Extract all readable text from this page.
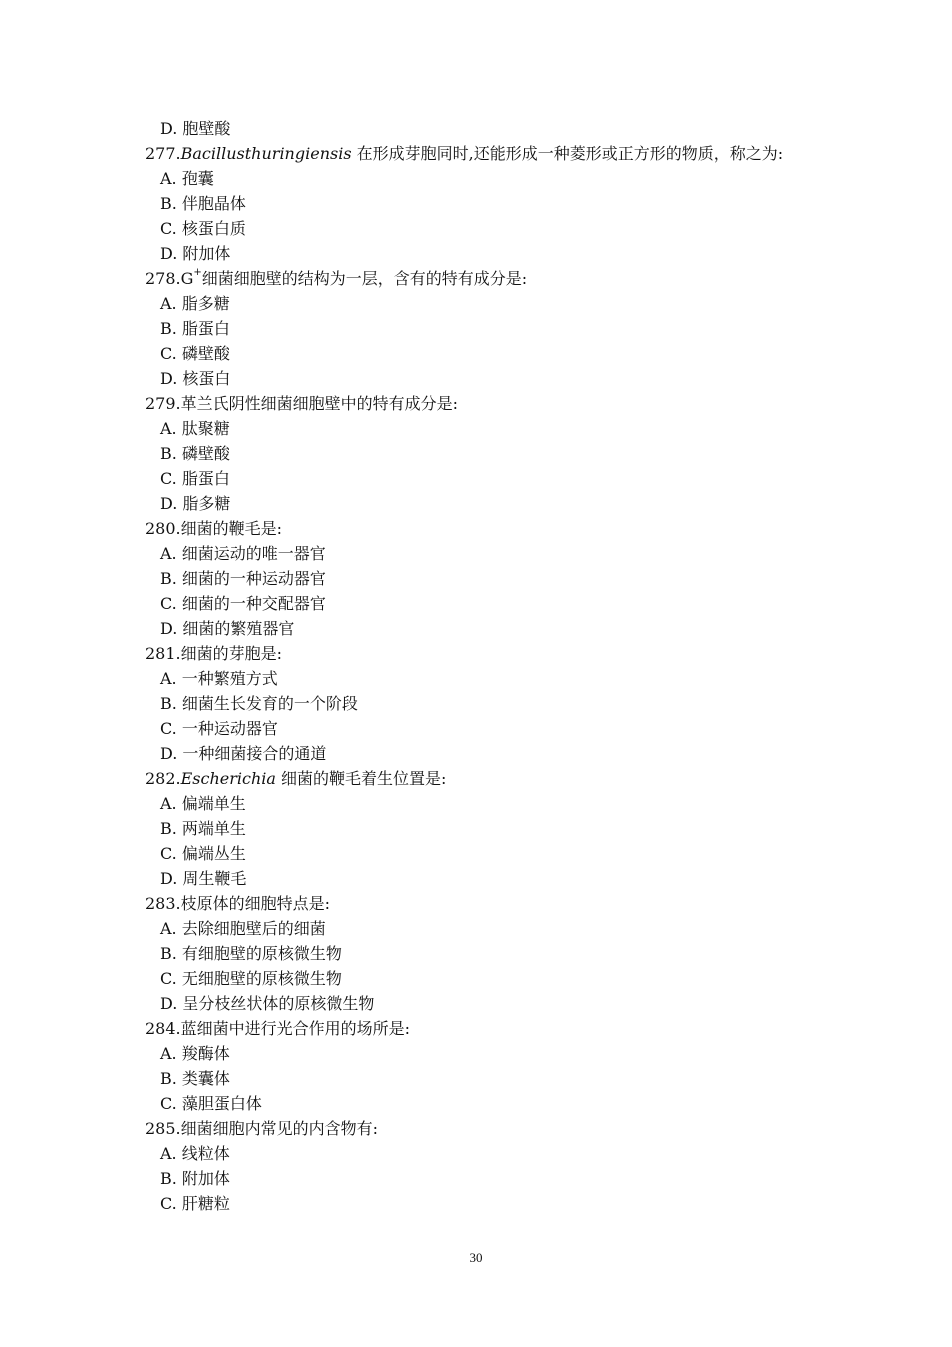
D. 胞壁酸
277.Bacillusthuringiensis 在形成芽胞同时,还能形成一种菱形或正方形的物质，称之为:
A. 孢囊
B. 伴胞晶体
C. 核蛋白质
D. 附加体
278.G+细菌细胞壁的结构为一层，含有的特有成分是:
A. 脂多糖
B. 脂蛋白
C. 磷壁酸
D. 核蛋白
279.革兰氏阴性细菌细胞壁中的特有成分是:
A. 肽聚糖
B. 磷壁酸
C. 脂蛋白
D. 脂多糖
280.细菌的鞭毛是:
A. 细菌运动的唯一器官
B. 细菌的一种运动器官
C. 细菌的一种交配器官
D. 细菌的繁殖器官
281.细菌的芽胞是:
A. 一种繁殖方式
B. 细菌生长发育的一个阶段
C. 一种运动器官
D. 一种细菌接合的通道
282.Escherichia 细菌的鞭毛着生位置是:
A. 偏端单生
B. 两端单生
C. 偏端丛生
D. 周生鞭毛
283.枝原体的细胞特点是:
A. 去除细胞壁后的细菌
B. 有细胞壁的原核微生物
C. 无细胞壁的原核微生物
D. 呈分枝丝状体的原核微生物
284.蓝细菌中进行光合作用的场所是:
A. 羧酶体
B. 类囊体
C. 藻胆蛋白体
285.细菌细胞内常见的内含物有:
A. 线粒体
B. 附加体
C. 肝糖粒
30
